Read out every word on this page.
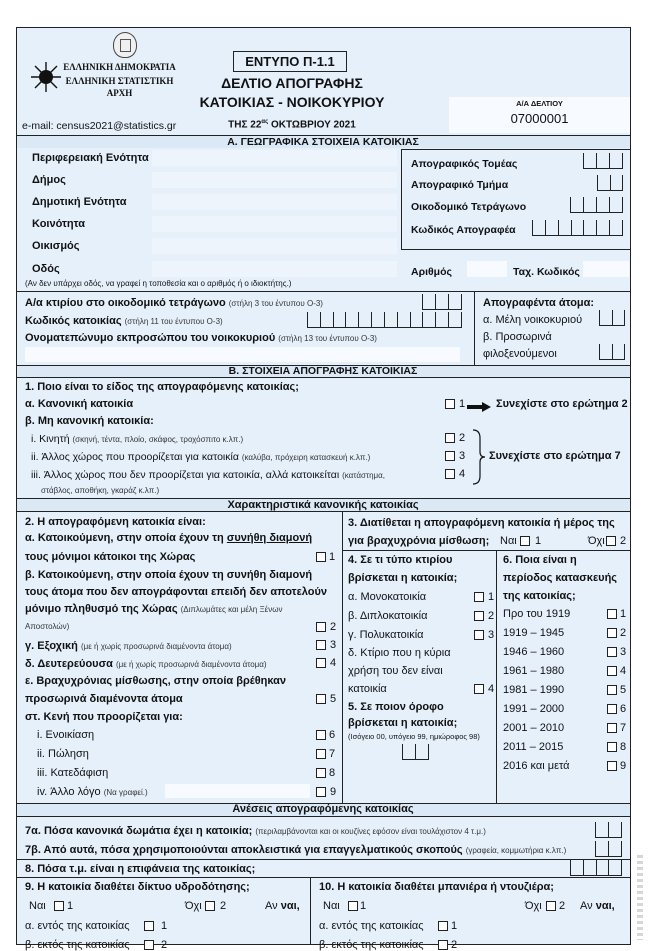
ΕΛΛΗΝΙΚΗ ΔΗΜΟΚΡΑΤΙΑ
ΕΛΛΗΝΙΚΗ ΣΤΑΤΙΣΤΙΚΗ
ΑΡΧΗ
e-mail: census2021@statistics.gr
ΕΝΤΥΠΟ Π-1.1
ΔΕΛΤΙΟ ΑΠΟΓΡΑΦΗΣ
ΚΑΤΟΙΚΙΑΣ - ΝΟΙΚΟΚΥΡΙΟΥ
ΤΗΣ $22^{\alpha\varsigma}$ ΟΚΤΩΒΡΙΟΥ 2021
Α/Α ΔΕΛΤΙΟΥ
07000001
Α. ΓΕΩΓΡΑΦΙΚΑ ΣΤΟΙΧΕΙΑ ΚΑΤΟΙΚΙΑΣ
Περιφερειακή Ενότητα
Δήμος
Δημοτική Ενότητα
Κοινότητα
Οικισμός
Οδός
(Αν δεν υπάρχει οδός, να γραφεί η τοποθεσία και ο αριθμός ή ο ιδιοκτήτης.)
Απογραφικός Τομέας
Απογραφικό Τμήμα
Οικοδομικό Τετράγωνο
Κωδικός Απογραφέα
Αριθμός	Ταχ. Κωδικός
Α/α κτιρίου στο οικοδομικό τετράγωνο (στήλη 3 του έντυπου Ο-3)
Κωδικός κατοικίας (στήλη 11 του έντυπου Ο-3)
Ονοματεπώνυμο εκπροσώπου του νοικοκυριού (στήλη 13 του έντυπου Ο-3)
Απογραφέντα άτομα:
α. Μέλη νοικοκυριού
β. Προσωρινά
φιλοξενούμενοι
Β. ΣΤΟΙΧΕΙΑ ΑΠΟΓΡΑΦΗΣ ΚΑΤΟΙΚΙΑΣ
1. Ποιο είναι το είδος της απογραφόμενης κατοικίας;
α. Κανονική κατοικία	1	Συνεχίστε στο ερώτημα 2
β. Μη κανονική κατοικία:
i. Κινητή (σκηνή, τέντα, πλοίο, σκάφος, τροχόσπιτο κ.λπ.)	2
ii. Άλλος χώρος που προορίζεται για κατοικία (καλύβα, πρόχειρη κατασκευή κ.λπ.)	3
iii. Άλλος χώρος που δεν προορίζεται για κατοικία, αλλά κατοικείται (κατάστημα,
στάβλος, αποθήκη, γκαράζ κ.λπ.)
4
Συνεχίστε στο ερώτημα 7
Χαρακτηριστικά κανονικής κατοικίας
2. Η απογραφόμενη κατοικία είναι:
α. Κατοικούμενη, στην οποία έχουν τη συνήθη διαμονή
τους μόνιμοι κάτοικοι της Χώρας	1
β. Κατοικούμενη, στην οποία έχουν τη συνήθη διαμονή
τους άτομα που δεν απογράφονται επειδή δεν αποτελούν
μόνιμο πληθυσμό της Χώρας (Διπλωμάτες και μέλη Ξένων
Αποστολών)	2
γ. Εξοχική (με ή χωρίς προσωρινά διαμένοντα άτομα)	3
δ. Δευτερεύουσα (με ή χωρίς προσωρινά διαμένοντα άτομα)	4
ε. Βραχυχρόνιας μίσθωσης, στην οποία βρέθηκαν
προσωρινά διαμένοντα άτομα	5
στ. Κενή που προορίζεται για:
i. Ενοικίαση	6
ii. Πώληση	7
iii. Κατεδάφιση	8
iv. Άλλο λόγο (Να γραφεί.)	9
3. Διατίθεται η απογραφόμενη κατοικία ή μέρος της
για βραχυχρόνια μίσθωση; Ναι 1	Όχι 2
4. Σε τι τύπο κτιρίου
βρίσκεται η κατοικία;
α. Μονοκατοικία	1
β. Διπλοκατοικία	2
γ. Πολυκατοικία	3
δ. Κτίριο που η κύρια
χρήση του δεν είναι
κατοικία	4
5. Σε ποιον όροφο
βρίσκεται η κατοικία;
(Ισόγειο 00, υπόγειο 99, ημιώροφος 98)
6. Ποια είναι η
περίοδος κατασκευής
της κατοικίας;
Προ του 1919	1
1919 – 1945	2
1946 – 1960	3
1961 – 1980	4
1981 – 1990	5
1991 – 2000	6
2001 – 2010	7
2011 – 2015	8
2016 και μετά	9
Ανέσεις απογραφόμενης κατοικίας
7α. Πόσα κανονικά δωμάτια έχει η κατοικία; (περιλαμβάνονται και οι κουζίνες εφόσον είναι τουλάχιστον 4 τ.μ.)
7β. Από αυτά, πόσα χρησιμοποιούνται αποκλειστικά για επαγγελματικούς σκοπούς (γραφεία, κομμωτήρια κ.λπ.)
8. Πόσα τ.μ. είναι η επιφάνεια της κατοικίας;
9. Η κατοικία διαθέτει δίκτυο υδροδότησης;
Ναι 1	Όχι 2	Αν ναι,
α. εντός της κατοικίας	1
β. εκτός της κατοικίας	2
10. Η κατοικία διαθέτει μπανιέρα ή ντουζιέρα;
Ναι 1	Όχι 2 Αν ναι,
α. εντός της κατοικίας 1
β. εκτός της κατοικίας 2
